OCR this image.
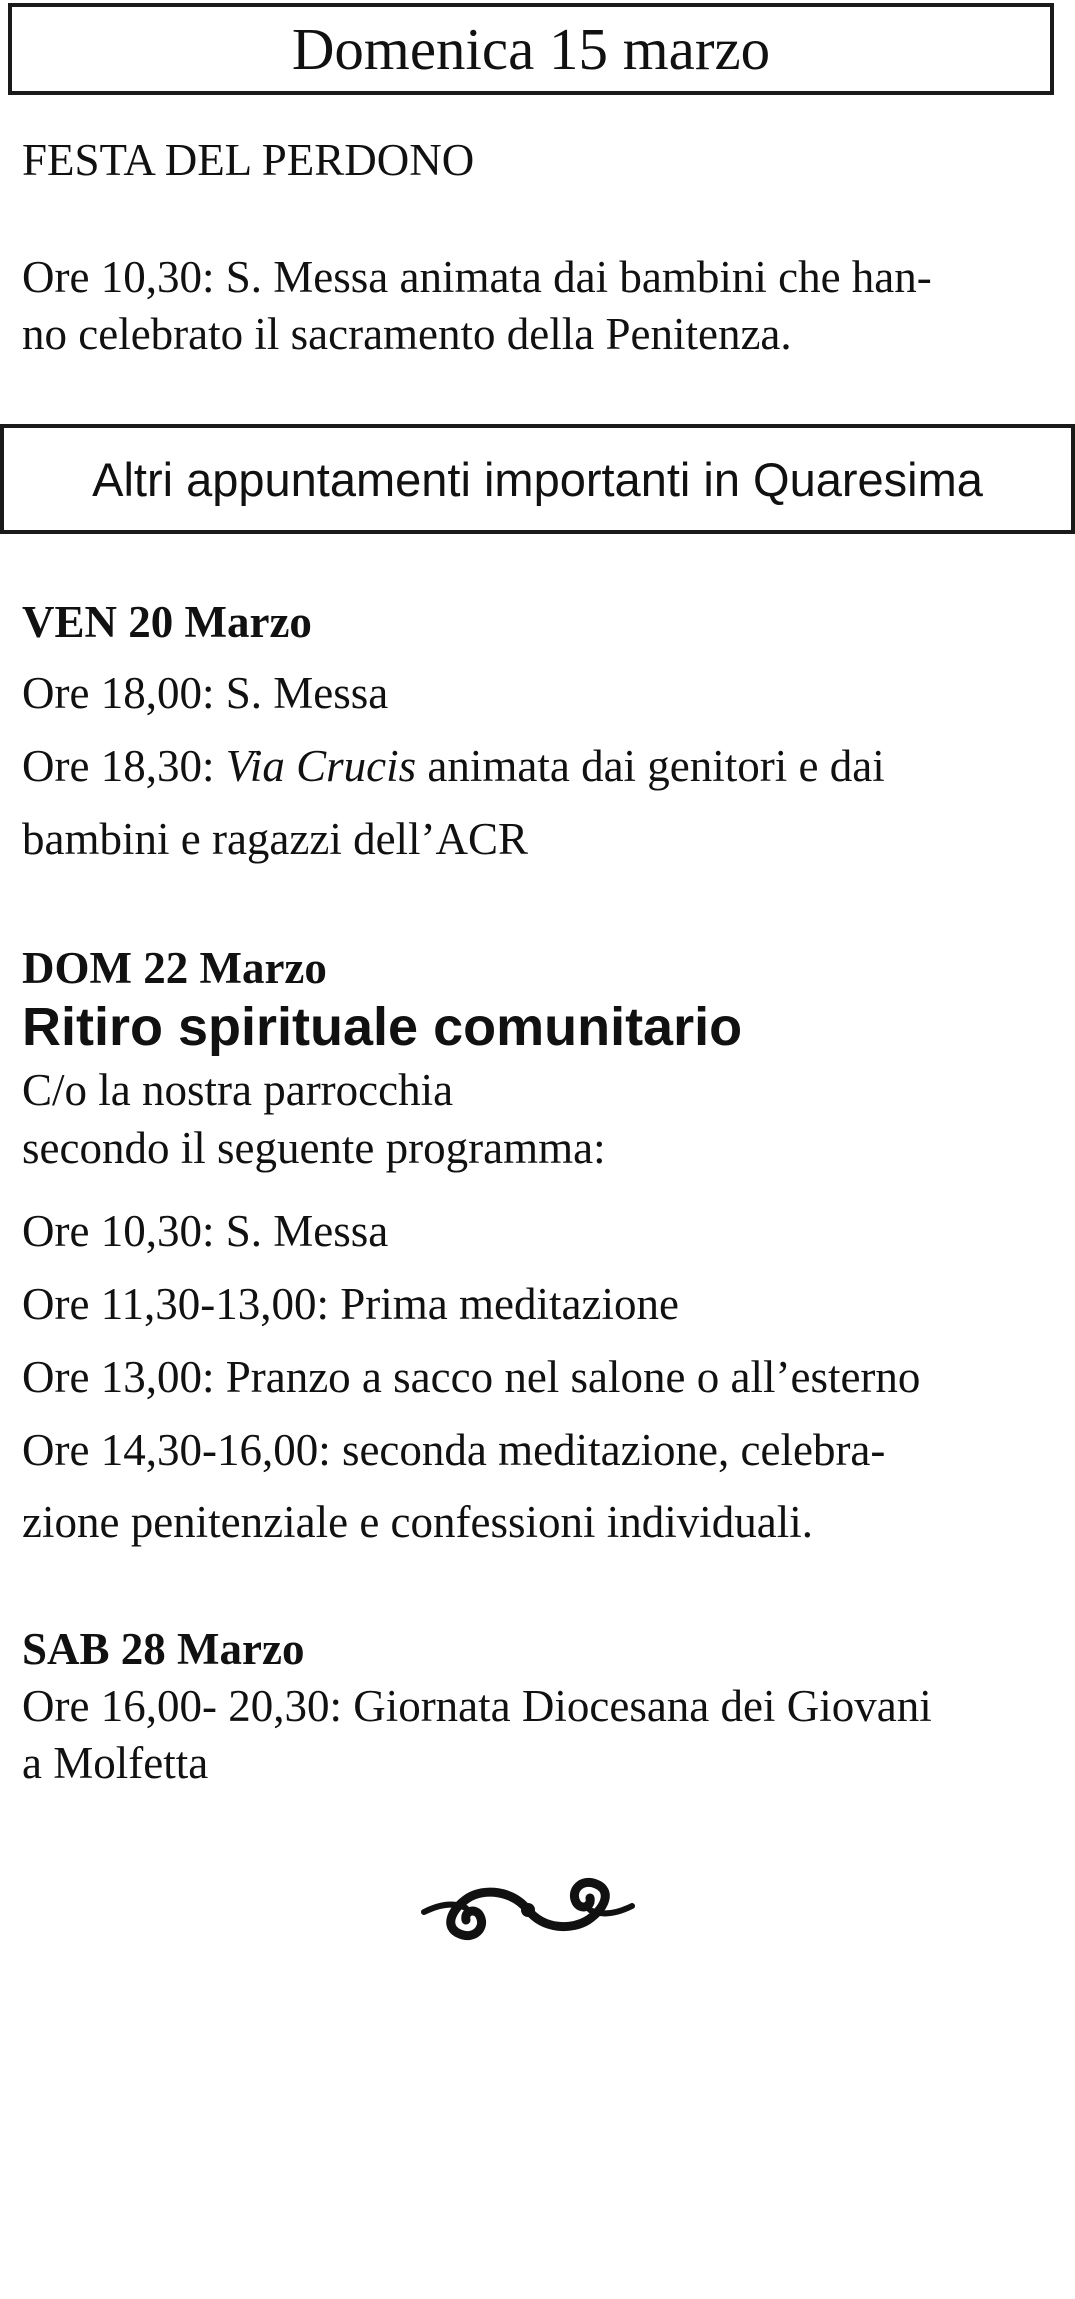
Domenica 15 marzo
FESTA DEL PERDONO
Ore 10,30: S. Messa animata dai bambini che han-
no celebrato il sacramento della Penitenza.
Altri appuntamenti importanti in Quaresima
VEN 20 Marzo
Ore 18,00: S. Messa
Ore 18,30: Via Crucis animata dai genitori e dai
bambini e ragazzi dell’ACR
DOM 22 Marzo
Ritiro spirituale comunitario
C/o la nostra parrocchia
secondo il seguente programma:
Ore 10,30: S. Messa
Ore 11,30-13,00: Prima meditazione
Ore 13,00: Pranzo a sacco nel salone o all’esterno
Ore 14,30-16,00: seconda meditazione, celebra-
zione penitenziale e confessioni individuali.
SAB 28 Marzo
Ore 16,00- 20,30: Giornata Diocesana dei Giovani
a Molfetta
